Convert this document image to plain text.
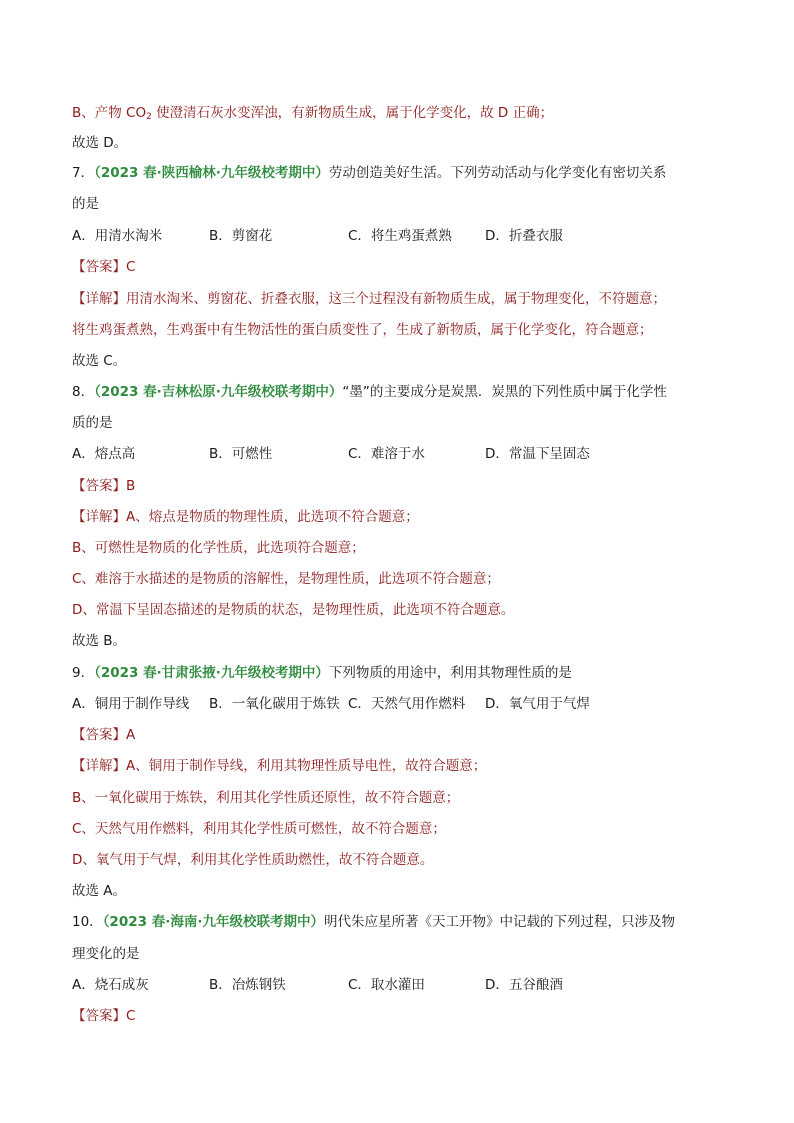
B、产物 $CO_2$ 使澄清石灰水变浑浊，有新物质生成，属于化学变化，故 D 正确；
故选 D。
7．（2023 春·陕西榆林·九年级校考期中）劳动创造美好生活。下列劳动活动与化学变化有密切关系
的是
A．用清水淘米	B．剪窗花	C．将生鸡蛋煮熟 D．折叠衣服
【答案】C
【详解】用清水淘米、剪窗花、折叠衣服，这三个过程没有新物质生成，属于物理变化，不符题意；
将生鸡蛋煮熟，生鸡蛋中有生物活性的蛋白质变性了，生成了新物质，属于化学变化，符合题意；
故选 C。
8．（2023 春·吉林松原·九年级校联考期中）“墨”的主要成分是炭黑．炭黑的下列性质中属于化学性
质的是
A．熔点高	B．可燃性	C．难溶于水	D．常温下呈固态
【答案】B
【详解】A、熔点是物质的物理性质，此选项不符合题意；
B、可燃性是物质的化学性质，此选项符合题意；
C、难溶于水描述的是物质的溶解性，是物理性质，此选项不符合题意；
D、常温下呈固态描述的是物质的状态，是物理性质，此选项不符合题意。
故选 B。
9．（2023 春·甘肃张掖·九年级校考期中）下列物质的用途中，利用其物理性质的是
A．铜用于制作导线 B．一氧化碳用于炼铁 C．天然气用作燃料 D．氧气用于气焊
【答案】A
【详解】A、铜用于制作导线，利用其物理性质导电性，故符合题意；
B、一氧化碳用于炼铁，利用其化学性质还原性，故不符合题意；
C、天然气用作燃料，利用其化学性质可燃性，故不符合题意；
D、氧气用于气焊，利用其化学性质助燃性，故不符合题意。
故选 A。
10．（2023 春·海南·九年级校联考期中）明代朱应星所著《天工开物》中记载的下列过程，只涉及物
理变化的是
A．烧石成灰	B．冶炼钢铁	C．取水灌田	D．五谷酿酒
【答案】C
